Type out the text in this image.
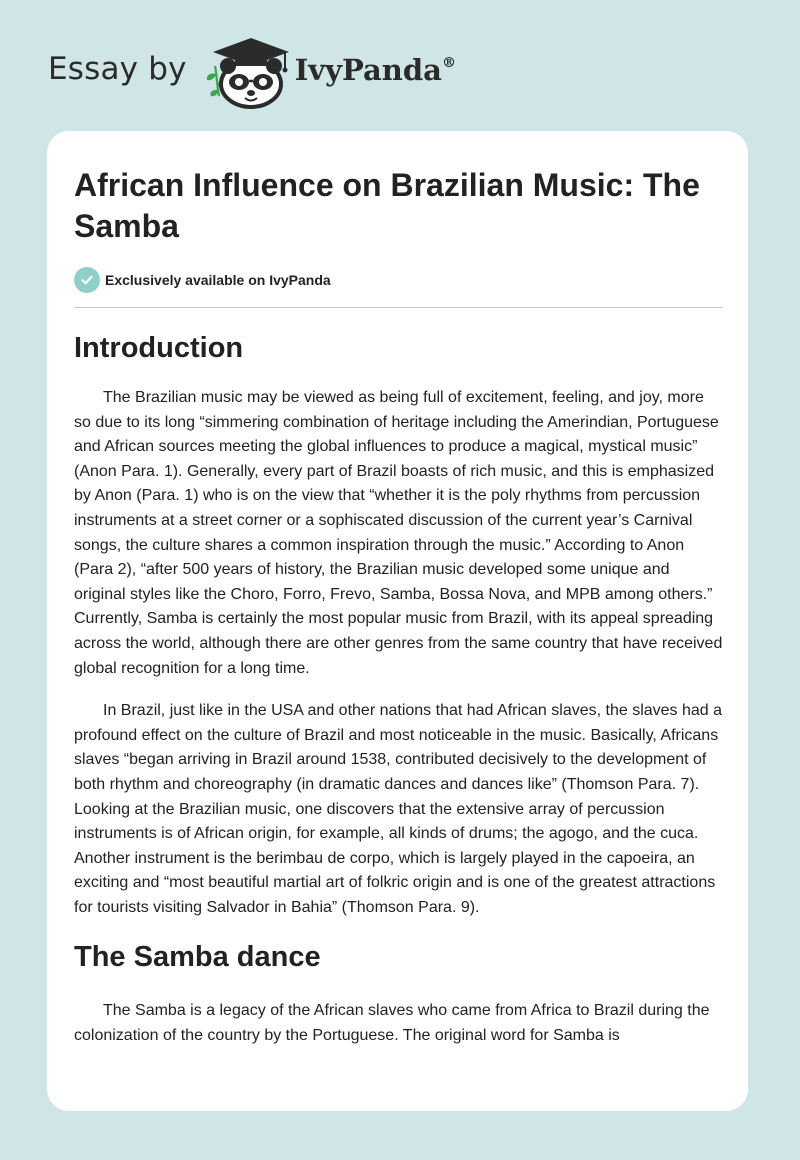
Essay by	IvyPanda®
African Influence on Brazilian Music: The Samba
Exclusively available on IvyPanda
Introduction

The Brazilian music may be viewed as being full of excitement, feeling, and joy, more so due to its long “simmering combination of heritage including the Amerindian, Portuguese and African sources meeting the global influences to produce a magical, mystical music” (Anon Para. 1). Generally, every part of Brazil boasts of rich music, and this is emphasized by Anon (Para. 1) who is on the view that “whether it is the poly rhythms from percussion instruments at a street corner or a sophiscated discussion of the current year’s Carnival songs, the culture shares a common inspiration through the music.” According to Anon (Para 2), “after 500 years of history, the Brazilian music developed some unique and original styles like the Choro, Forro, Frevo, Samba, Bossa Nova, and MPB among others.” Currently, Samba is certainly the most popular music from Brazil, with its appeal spreading across the world, although there are other genres from the same country that have received global recognition for a long time.

In Brazil, just like in the USA and other nations that had African slaves, the slaves had a profound effect on the culture of Brazil and most noticeable in the music. Basically, Africans slaves “began arriving in Brazil around 1538, contributed decisively to the development of both rhythm and choreography (in dramatic dances and dances like” (Thomson Para. 7). Looking at the Brazilian music, one discovers that the extensive array of percussion instruments is of African origin, for example, all kinds of drums; the agogo, and the cuca. Another instrument is the berimbau de corpo, which is largely played in the capoeira, an exciting and “most beautiful martial art of folkric origin and is one of the greatest attractions for tourists visiting Salvador in Bahia” (Thomson Para. 9).

The Samba dance

The Samba is a legacy of the African slaves who came from Africa to Brazil during the colonization of the country by the Portuguese. The original word for Samba is
